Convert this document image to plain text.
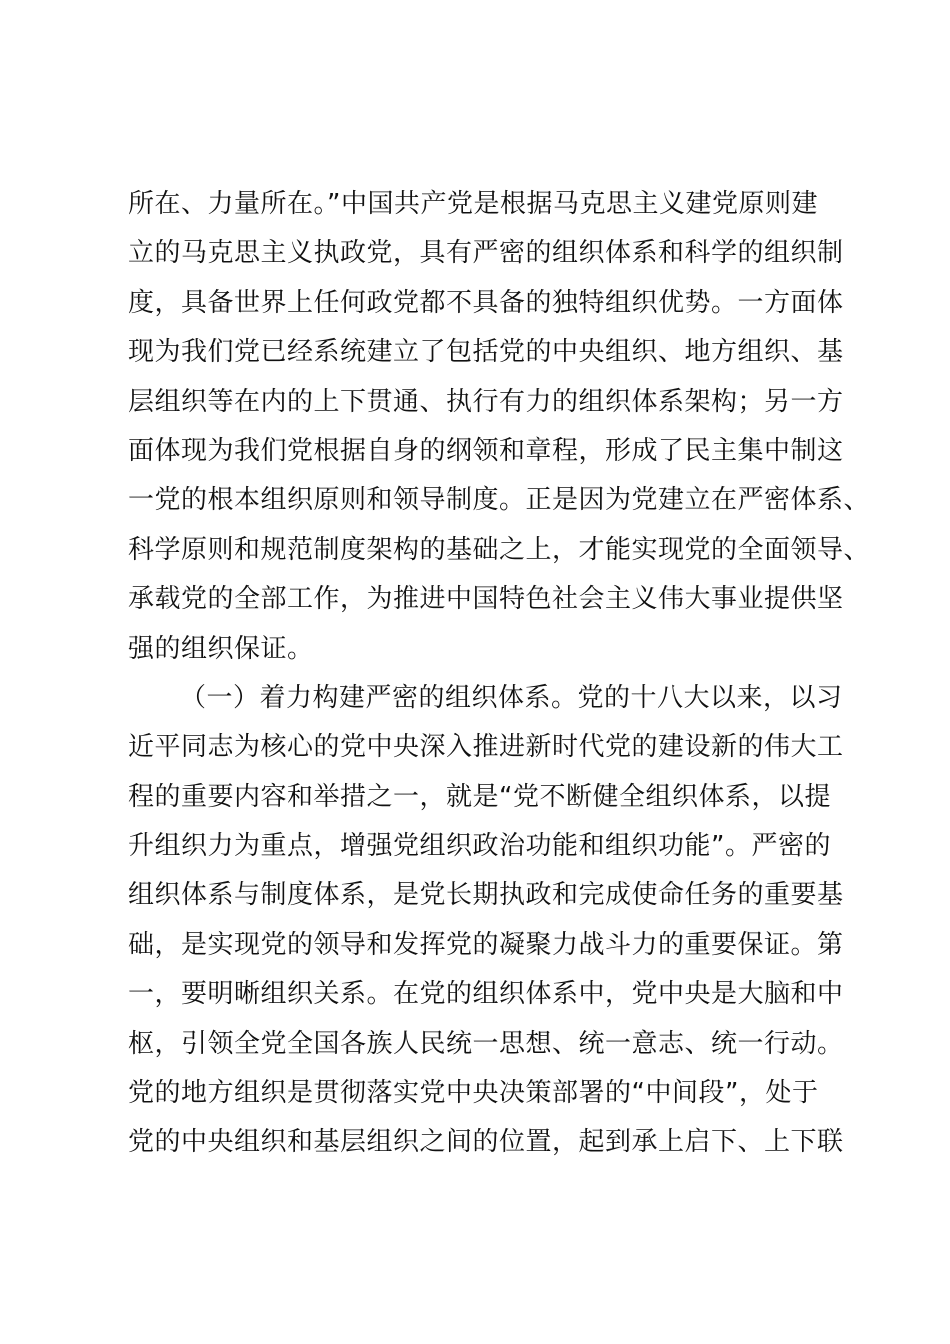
所在、力量所在。”中国共产党是根据马克思主义建党原则建
立的马克思主义执政党，具有严密的组织体系和科学的组织制
度，具备世界上任何政党都不具备的独特组织优势。一方面体
现为我们党已经系统建立了包括党的中央组织、地方组织、基
层组织等在内的上下贯通、执行有力的组织体系架构；另一方
面体现为我们党根据自身的纲领和章程，形成了民主集中制这
一党的根本组织原则和领导制度。正是因为党建立在严密体系、
科学原则和规范制度架构的基础之上，才能实现党的全面领导、
承载党的全部工作，为推进中国特色社会主义伟大事业提供坚
强的组织保证。
（一）着力构建严密的组织体系。党的十八大以来，以习
近平同志为核心的党中央深入推进新时代党的建设新的伟大工
程的重要内容和举措之一，就是“党不断健全组织体系，以提
升组织力为重点，增强党组织政治功能和组织功能”。严密的
组织体系与制度体系，是党长期执政和完成使命任务的重要基
础，是实现党的领导和发挥党的凝聚力战斗力的重要保证。第
一，要明晰组织关系。在党的组织体系中，党中央是大脑和中
枢，引领全党全国各族人民统一思想、统一意志、统一行动。
党的地方组织是贯彻落实党中央决策部署的“中间段”，处于
党的中央组织和基层组织之间的位置，起到承上启下、上下联
